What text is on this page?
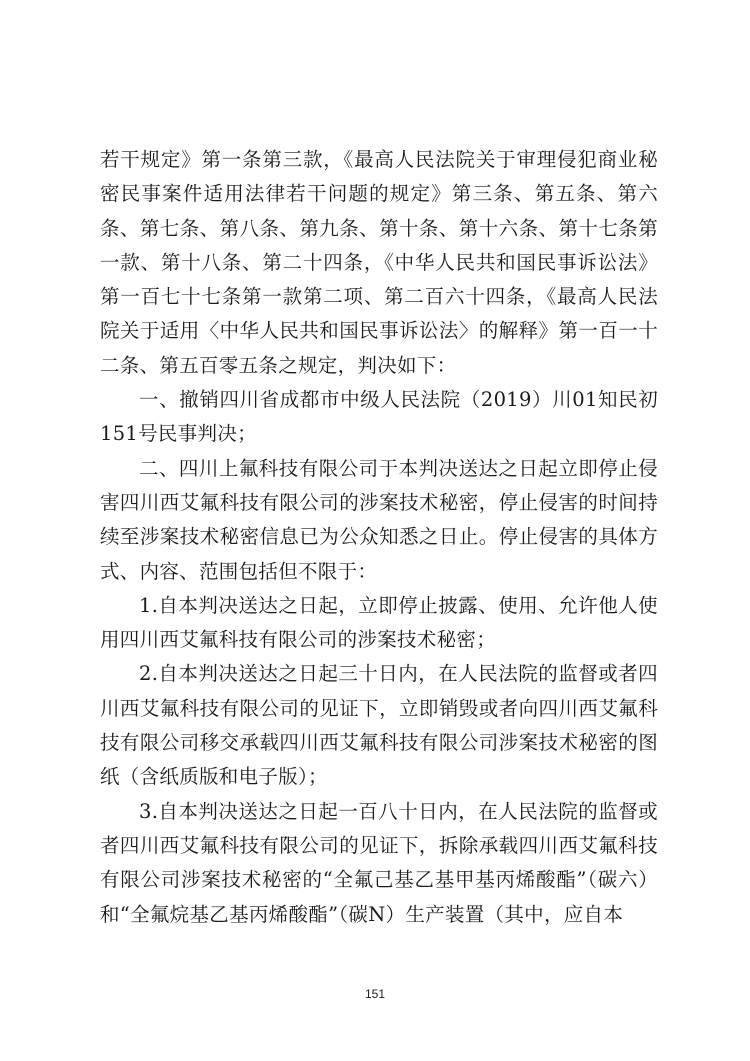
若干规定》第一条第三款，《最高人民法院关于审理侵犯商业秘密民事案件适用法律若干问题的规定》第三条、第五条、第六条、第七条、第八条、第九条、第十条、第十六条、第十七条第一款、第十八条、第二十四条，《中华人民共和国民事诉讼法》第一百七十七条第一款第二项、第二百六十四条，《最高人民法院关于适用〈中华人民共和国民事诉讼法〉的解释》第一百一十二条、第五百零五条之规定，判决如下：

一、撤销四川省成都市中级人民法院（2019）川01知民初151号民事判决；

二、四川上氟科技有限公司于本判决送达之日起立即停止侵害四川西艾氟科技有限公司的涉案技术秘密，停止侵害的时间持续至涉案技术秘密信息已为公众知悉之日止。停止侵害的具体方式、内容、范围包括但不限于：

1.自本判决送达之日起，立即停止披露、使用、允许他人使用四川西艾氟科技有限公司的涉案技术秘密；

2.自本判决送达之日起三十日内，在人民法院的监督或者四川西艾氟科技有限公司的见证下，立即销毁或者向四川西艾氟科技有限公司移交承载四川西艾氟科技有限公司涉案技术秘密的图纸（含纸质版和电子版）；

3.自本判决送达之日起一百八十日内，在人民法院的监督或者四川西艾氟科技有限公司的见证下，拆除承载四川西艾氟科技有限公司涉案技术秘密的“全氟己基乙基甲基丙烯酸酯”（碳六）和“全氟烷基乙基丙烯酸酯”（碳N）生产装置（其中，应自本

151
